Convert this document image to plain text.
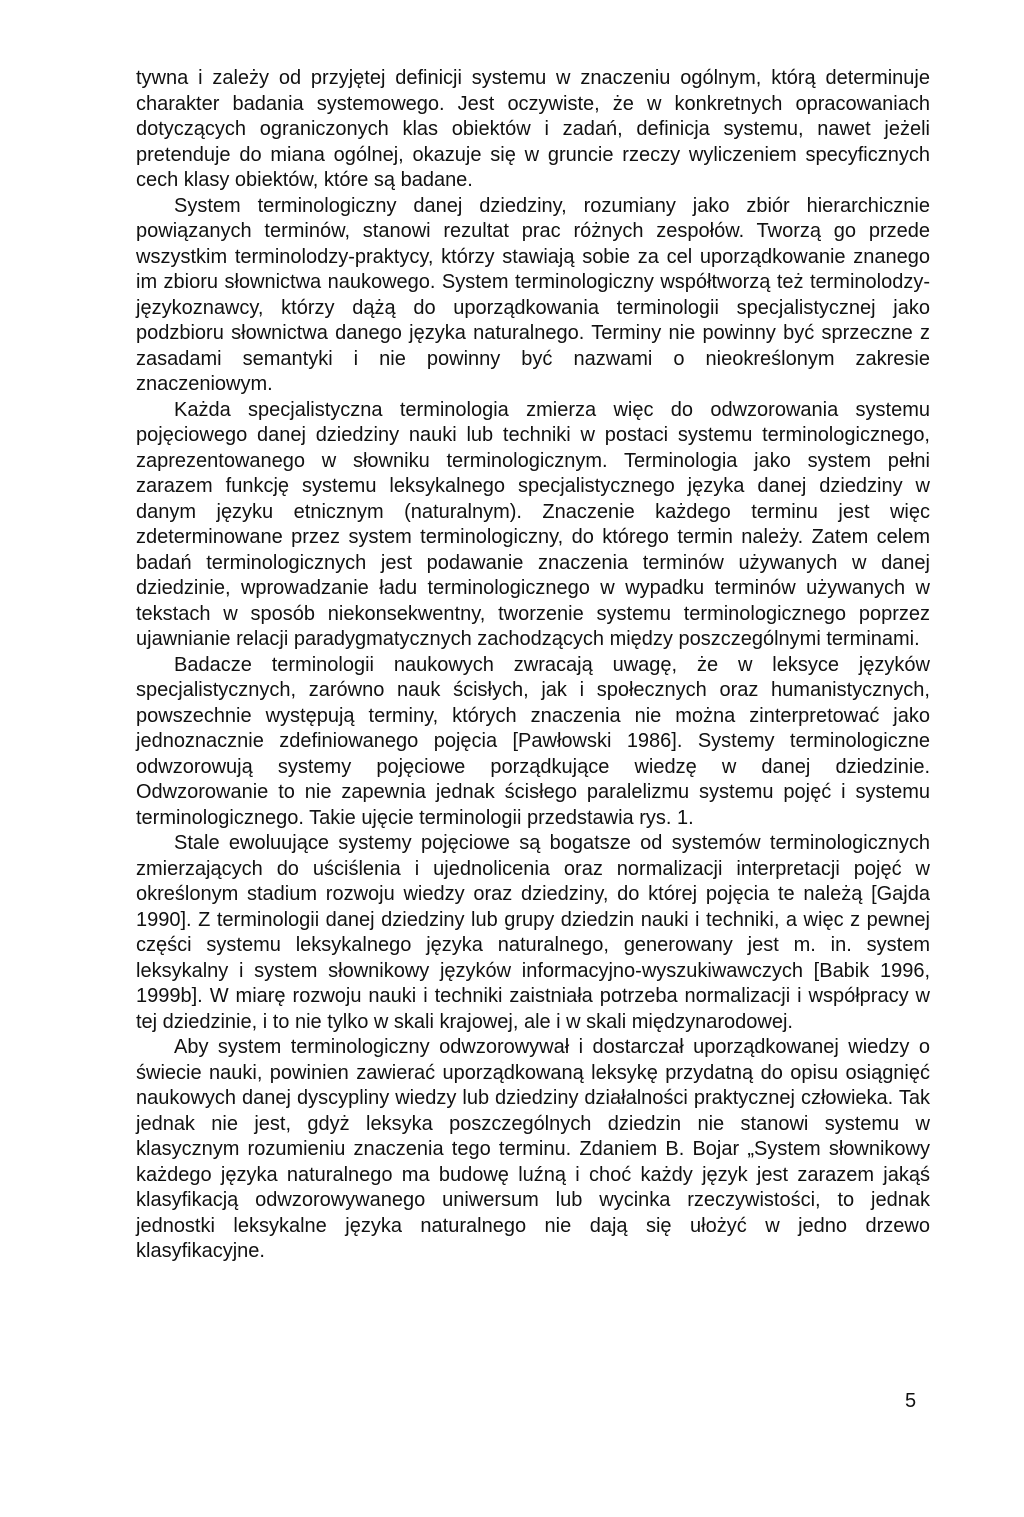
tywna i zależy od przyjętej definicji systemu w znaczeniu ogólnym, którą determinuje charakter badania systemowego. Jest oczywiste, że w konkretnych opracowaniach dotyczących ograniczonych klas obiektów i zadań, definicja systemu, nawet jeżeli pretenduje do miana ogólnej, okazuje się w gruncie rzeczy wyliczeniem specyficznych cech klasy obiektów, które są badane.

System terminologiczny danej dziedziny, rozumiany jako zbiór hierarchicznie powiązanych terminów, stanowi rezultat prac różnych zespołów. Tworzą go przede wszystkim terminolodzy-praktycy, którzy stawiają sobie za cel uporządkowanie znanego im zbioru słownictwa naukowego. System terminologiczny współtworzą też terminolodzy-językoznawcy, którzy dążą do uporządkowania terminologii specjalistycznej jako podzbioru słownictwa danego języka naturalnego. Terminy nie powinny być sprzeczne z zasadami semantyki i nie powinny być nazwami o nieokreślonym zakresie znaczeniowym.

Każda specjalistyczna terminologia zmierza więc do odwzorowania systemu pojęciowego danej dziedziny nauki lub techniki w postaci systemu terminologicznego, zaprezentowanego w słowniku terminologicznym. Terminologia jako system pełni zarazem funkcję systemu leksykalnego specjalistycznego języka danej dziedziny w danym języku etnicznym (naturalnym). Znaczenie każdego terminu jest więc zdeterminowane przez system terminologiczny, do którego termin należy. Zatem celem badań terminologicznych jest podawanie znaczenia terminów używanych w danej dziedzinie, wprowadzanie ładu terminologicznego w wypadku terminów używanych w tekstach w sposób niekonsekwentny, tworzenie systemu terminologicznego poprzez ujawnianie relacji paradygmatycznych zachodzących między poszczególnymi terminami.

Badacze terminologii naukowych zwracają uwagę, że w leksyce języków specjalistycznych, zarówno nauk ścisłych, jak i społecznych oraz humanistycznych, powszechnie występują terminy, których znaczenia nie można zinterpretować jako jednoznacznie zdefiniowanego pojęcia [Pawłowski 1986]. Systemy terminologiczne odwzorowują systemy pojęciowe porządkujące wiedzę w danej dziedzinie. Odwzorowanie to nie zapewnia jednak ścisłego paralelizmu systemu pojęć i systemu terminologicznego. Takie ujęcie terminologii przedstawia rys. 1.

Stale ewoluujące systemy pojęciowe są bogatsze od systemów terminologicznych zmierzających do uściślenia i ujednolicenia oraz normalizacji interpretacji pojęć w określonym stadium rozwoju wiedzy oraz dziedziny, do której pojęcia te należą [Gajda 1990]. Z terminologii danej dziedziny lub grupy dziedzin nauki i techniki, a więc z pewnej części systemu leksykalnego języka naturalnego, generowany jest m. in. system leksykalny i system słownikowy języków informacyjno-wyszukiwawczych [Babik 1996, 1999b]. W miarę rozwoju nauki i techniki zaistniała potrzeba normalizacji i współpracy w tej dziedzinie, i to nie tylko w skali krajowej, ale i w skali międzynarodowej.

Aby system terminologiczny odwzorowywał i dostarczał uporządkowanej wiedzy o świecie nauki, powinien zawierać uporządkowaną leksykę przydatną do opisu osiągnięć naukowych danej dyscypliny wiedzy lub dziedziny działalności praktycznej człowieka. Tak jednak nie jest, gdyż leksyka poszczególnych dziedzin nie stanowi systemu w klasycznym rozumieniu znaczenia tego terminu. Zdaniem B. Bojar „System słownikowy każdego języka naturalnego ma budowę luźną i choć każdy język jest zarazem jakąś klasyfikacją odwzorowywanego uniwersum lub wycinka rzeczywistości, to jednak jednostki leksykalne języka naturalnego nie dają się ułożyć w jedno drzewo klasyfikacyjne.

5
